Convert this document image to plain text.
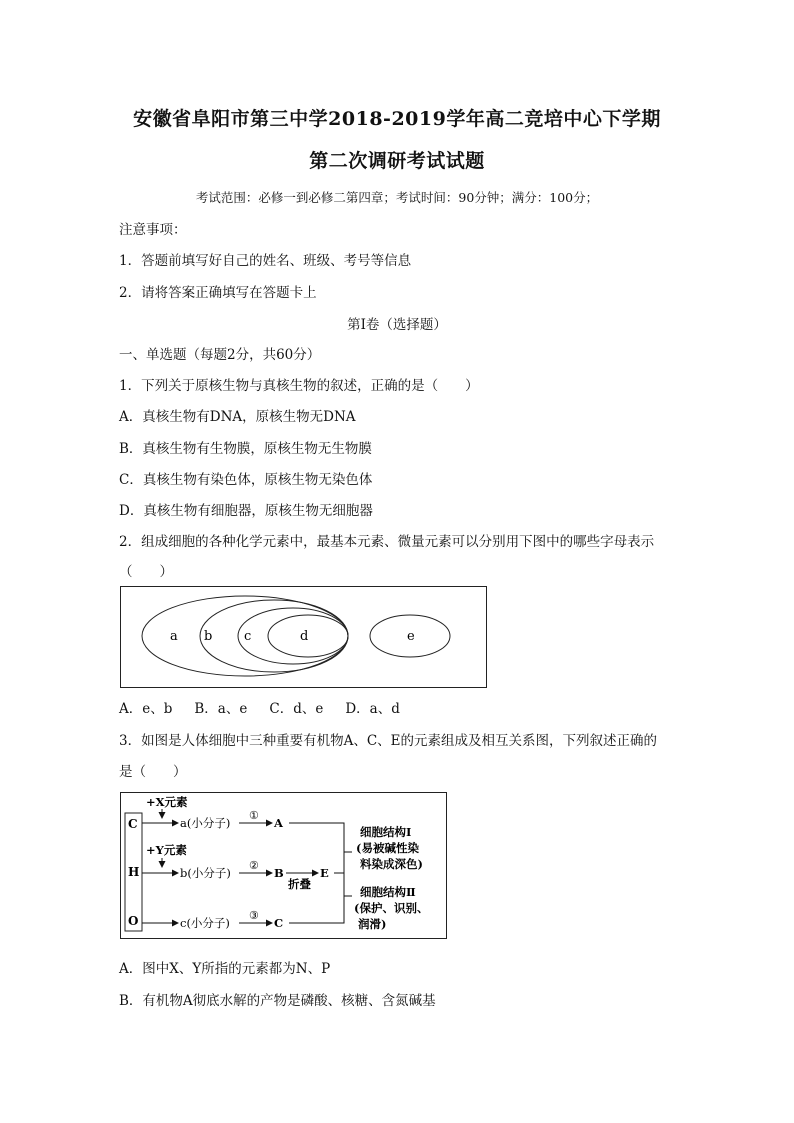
安徽省阜阳市第三中学2018-2019学年高二竞培中心下学期
第二次调研考试试题
考试范围：必修一到必修二第四章；考试时间：90分钟；满分：100分；
注意事项：
1．答题前填写好自己的姓名、班级、考号等信息
2．请将答案正确填写在答题卡上
第I卷（选择题）
一、单选题（每题2分，共60分）
1．下列关于原核生物与真核生物的叙述，正确的是（　　）
A．真核生物有DNA，原核生物无DNA
B．真核生物有生物膜，原核生物无生物膜
C．真核生物有染色体，原核生物无染色体
D．真核生物有细胞器，原核生物无细胞器
2．组成细胞的各种化学元素中，最基本元素、微量元素可以分别用下图中的哪些字母表示
（　　）
a b c	d	e
A．e、b B．a、e C．d、e D．a、d
3．如图是人体细胞中三种重要有机物A、C、E的元素组成及相互关系图，下列叙述正确的
是（　　）
C
H
O
+X元素
a(小分子)
①
A
+Y元素
b(小分子)
②
B
折叠
E
c(小分子)
③
C
细胞结构Ⅰ
(易被碱性染
料染成深色)
细胞结构Ⅱ
(保护、识别、
润滑)
A．图中X、Y所指的元素都为N、P
B．有机物A彻底水解的产物是磷酸、核糖、含氮碱基
